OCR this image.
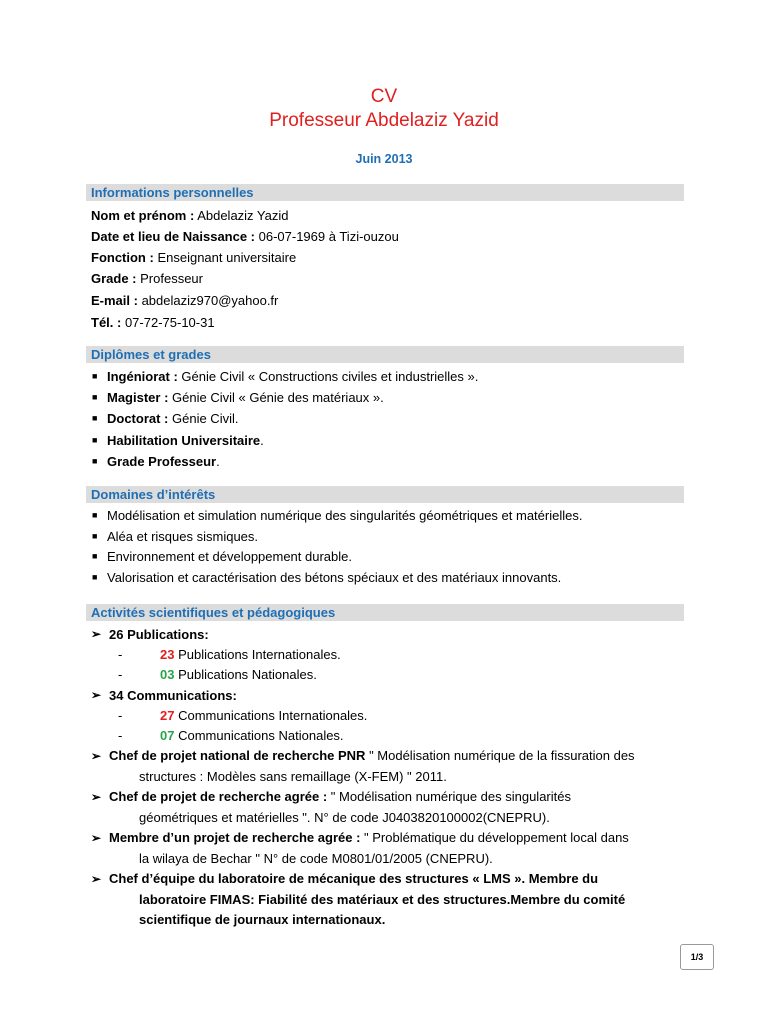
CV
Professeur Abdelaziz Yazid
Juin 2013
Informations personnelles
Nom et prénom : Abdelaziz Yazid
Date et lieu de Naissance : 06-07-1969 à Tizi-ouzou
Fonction : Enseignant universitaire
Grade : Professeur
E-mail : abdelaziz970@yahoo.fr
Tél. : 07-72-75-10-31
Diplômes et grades
■ Ingéniorat : Génie Civil « Constructions civiles et industrielles ».
■ Magister : Génie Civil « Génie des matériaux ».
■ Doctorat : Génie Civil.
■ Habilitation Universitaire.
■ Grade Professeur.
Domaines d’intérêts
■ Modélisation et simulation numérique des singularités géométriques et matérielles.
■ Aléa et risques sismiques.
■ Environnement et développement durable.
■ Valorisation et caractérisation des bétons spéciaux et des matériaux innovants.
Activités scientifiques et pédagogiques
➢ 26 Publications:
-	23 Publications Internationales.
-	03 Publications Nationales.
➢ 34 Communications:
-	27 Communications Internationales.
-	07 Communications Nationales.
➢ Chef de projet national de recherche PNR " Modélisation numérique de la fissuration des
structures : Modèles sans remaillage (X-FEM) " 2011.
➢ Chef de projet de recherche agrée : " Modélisation numérique des singularités
géométriques et matérielles ". N° de code J0403820100002(CNEPRU).
➢ Membre d’un projet de recherche agrée : " Problématique du développement local dans
la wilaya de Bechar " N° de code M0801/01/2005 (CNEPRU).
➢ Chef d’équipe du laboratoire de mécanique des structures « LMS ». Membre du
laboratoire FIMAS: Fiabilité des matériaux et des structures.Membre du comité
scientifique de journaux internationaux.
1/3
